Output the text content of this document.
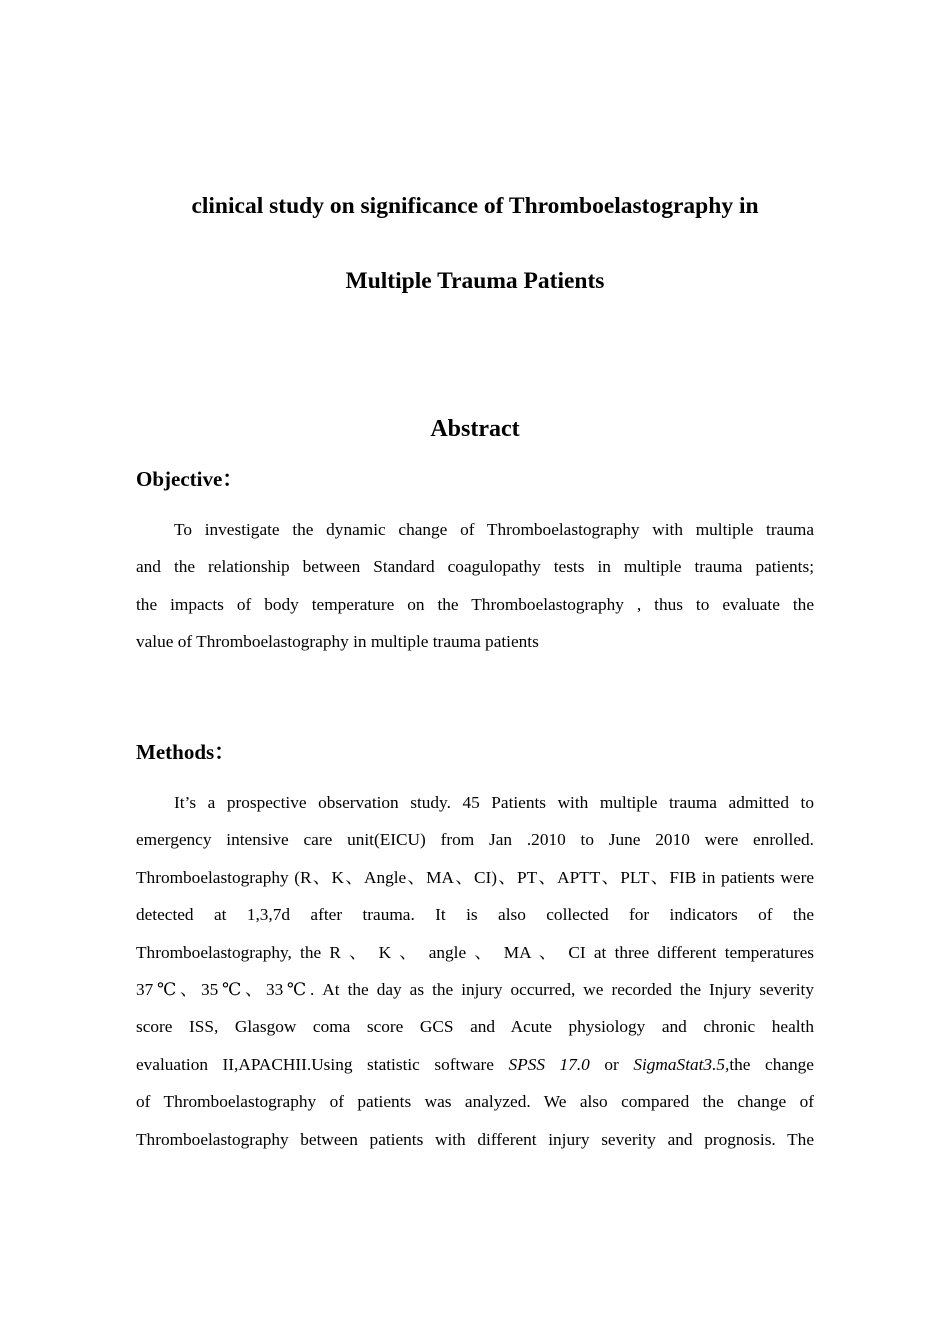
clinical study on significance of Thromboelastography in
Multiple Trauma Patients
Abstract
Objective：
To investigate the dynamic change of Thromboelastography with multiple trauma
and the relationship between Standard coagulopathy tests in multiple trauma patients;
the impacts of body temperature on the Thromboelastography , thus to evaluate the
value of Thromboelastography in multiple trauma patients
Methods：
It’s a prospective observation study. 45 Patients with multiple trauma admitted to
emergency intensive care unit(EICU) from Jan .2010 to June 2010 were enrolled.
Thromboelastography (R、K、Angle、MA、CI)、PT、APTT、PLT、FIB in patients were
detected at 1,3,7d after trauma. It is also collected for indicators of the
Thromboelastography, the R 、 K 、 angle 、 MA 、 CI at three different temperatures
37℃、35℃、33℃. At the day as the injury occurred, we recorded the Injury severity
score ISS, Glasgow coma score GCS and Acute physiology and chronic health
evaluation II,APACHII.Using statistic software SPSS 17.0 or SigmaStat3.5,the change
of Thromboelastography of patients was analyzed. We also compared the change of
Thromboelastography between patients with different injury severity and prognosis. The
